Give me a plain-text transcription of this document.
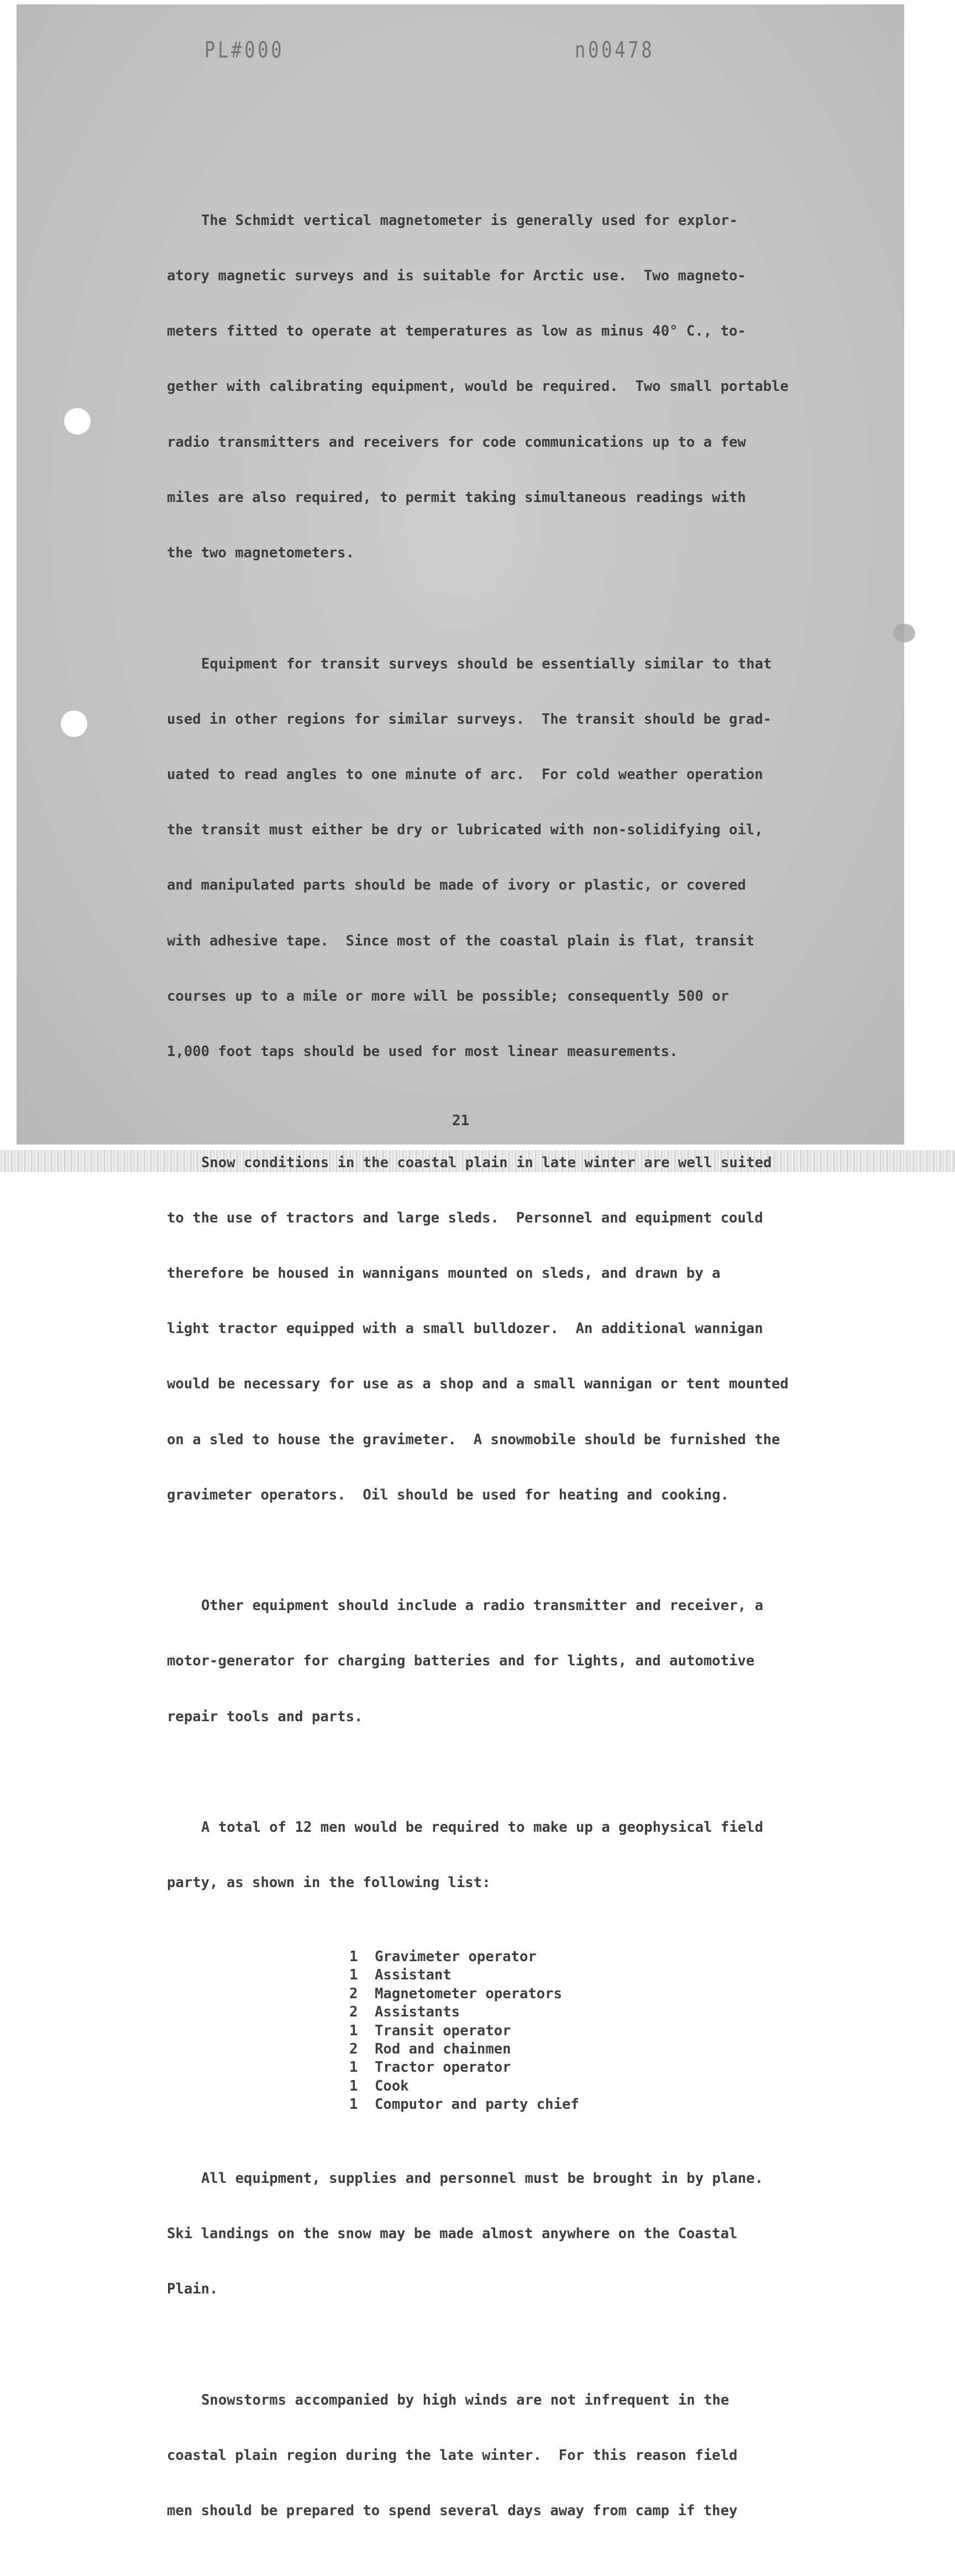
PL#000	n00478

The Schmidt vertical magnetometer is generally used for explor-

atory magnetic surveys and is suitable for Arctic use.  Two magneto-

meters fitted to operate at temperatures as low as minus 40° C., to-

gether with calibrating equipment, would be required.  Two small portable

radio transmitters and receivers for code communications up to a few

miles are also required, to permit taking simultaneous readings with

the two magnetometers.

Equipment for transit surveys should be essentially similar to that

used in other regions for similar surveys.  The transit should be grad-

uated to read angles to one minute of arc.  For cold weather operation

the transit must either be dry or lubricated with non-solidifying oil,

and manipulated parts should be made of ivory or plastic, or covered

with adhesive tape.  Since most of the coastal plain is flat, transit

courses up to a mile or more will be possible; consequently 500 or

1,000 foot taps should be used for most linear measurements.

Snow conditions in the coastal plain in late winter are well suited

to the use of tractors and large sleds.  Personnel and equipment could

therefore be housed in wannigans mounted on sleds, and drawn by a

light tractor equipped with a small bulldozer.  An additional wannigan

would be necessary for use as a shop and a small wannigan or tent mounted

on a sled to house the gravimeter.  A snowmobile should be furnished the

gravimeter operators.  Oil should be used for heating and cooking.

Other equipment should include a radio transmitter and receiver, a

motor-generator for charging batteries and for lights, and automotive

repair tools and parts.

A total of 12 men would be required to make up a geophysical field

party, as shown in the following list:

1 Gravimeter operator
1 Assistant
2 Magnetometer operators
2 Assistants
1 Transit operator
2 Rod and chainmen
1 Tractor operator
1 Cook
1 Computor and party chief

All equipment, supplies and personnel must be brought in by plane.

Ski landings on the snow may be made almost anywhere on the Coastal

Plain.

Snowstorms accompanied by high winds are not infrequent in the

coastal plain region during the late winter.  For this reason field

men should be prepared to spend several days away from camp if they

21
